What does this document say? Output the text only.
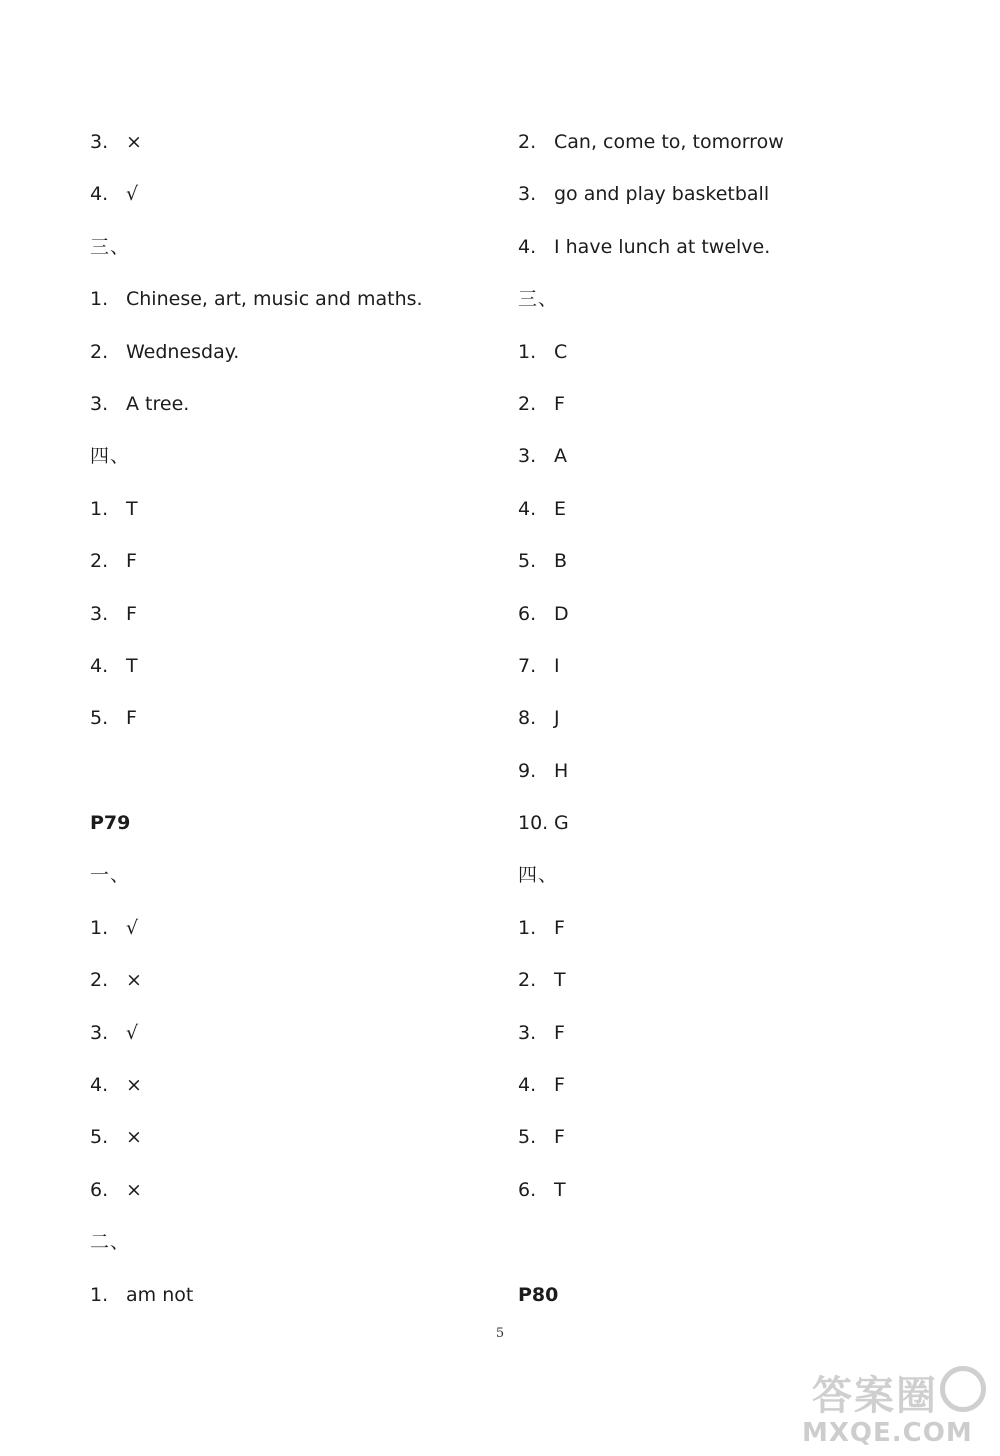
3. ×
4. √
三、
1. Chinese, art, music and maths.
2. Wednesday.
3. A tree.
四、
1. T
2. F
3. F
4. T
5. F
P79
一、
1. √
2. ×
3. √
4. ×
5. ×
6. ×
二、
1. am not
2. Can, come to, tomorrow
3. go and play basketball
4. I have lunch at twelve.
三、
1. C
2. F
3. A
4. E
5. B
6. D
7. I
8. J
9. H
10. G
四、
1. F
2. T
3. F
4. F
5. F
6. T
P80
5
答案圈
MXQE.COM
